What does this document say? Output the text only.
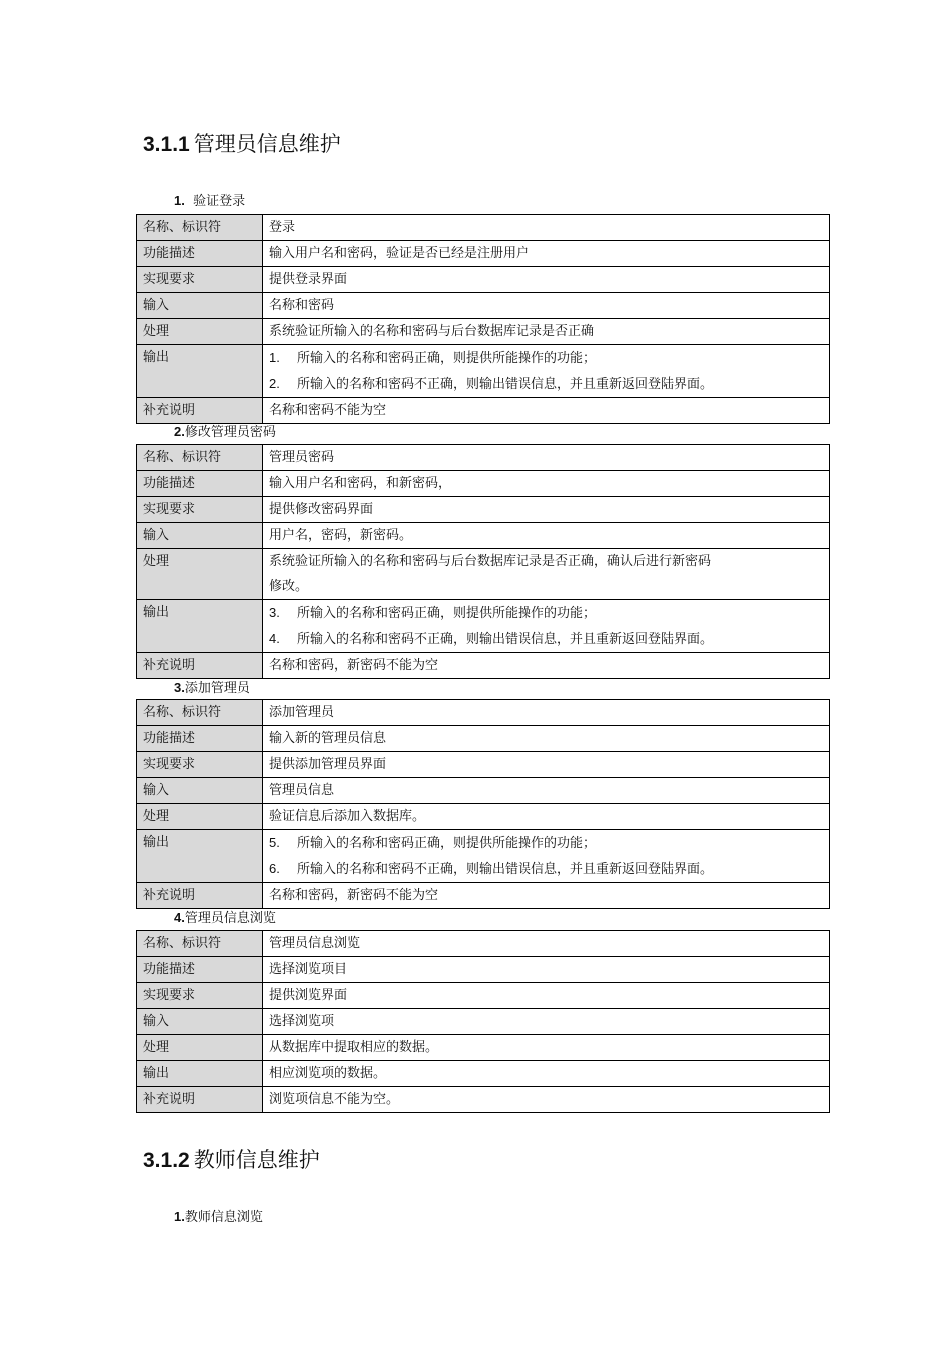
3.1.1 管理员信息维护
1. 验证登录
名称、标识符	登录
功能描述	输入用户名和密码，验证是否已经是注册用户
实现要求	提供登录界面
输入	名称和密码
处理	系统验证所输入的名称和密码与后台数据库记录是否正确
输出	1. 所输入的名称和密码正确，则提供所能操作的功能；
2. 所输入的名称和密码不正确，则输出错误信息，并且重新返回登陆界面。

补充说明	名称和密码不能为空
2.修改管理员密码
名称、标识符	管理员密码
功能描述	输入用户名和密码，和新密码，
实现要求	提供修改密码界面
输入	用户名，密码，新密码。
处理	系统验证所输入的名称和密码与后台数据库记录是否正确，确认后进行新密码
修改。

输出	3. 所输入的名称和密码正确，则提供所能操作的功能；
4. 所输入的名称和密码不正确，则输出错误信息，并且重新返回登陆界面。

补充说明	名称和密码，新密码不能为空
3.添加管理员
名称、标识符	添加管理员
功能描述	输入新的管理员信息
实现要求	提供添加管理员界面
输入	管理员信息
处理	验证信息后添加入数据库。
输出	5. 所输入的名称和密码正确，则提供所能操作的功能；
6. 所输入的名称和密码不正确，则输出错误信息，并且重新返回登陆界面。

补充说明	名称和密码，新密码不能为空
4.管理员信息浏览
名称、标识符	管理员信息浏览
功能描述	选择浏览项目
实现要求	提供浏览界面
输入	选择浏览项
处理	从数据库中提取相应的数据。
输出	相应浏览项的数据。
补充说明	浏览项信息不能为空。
3.1.2 教师信息维护
1.教师信息浏览
